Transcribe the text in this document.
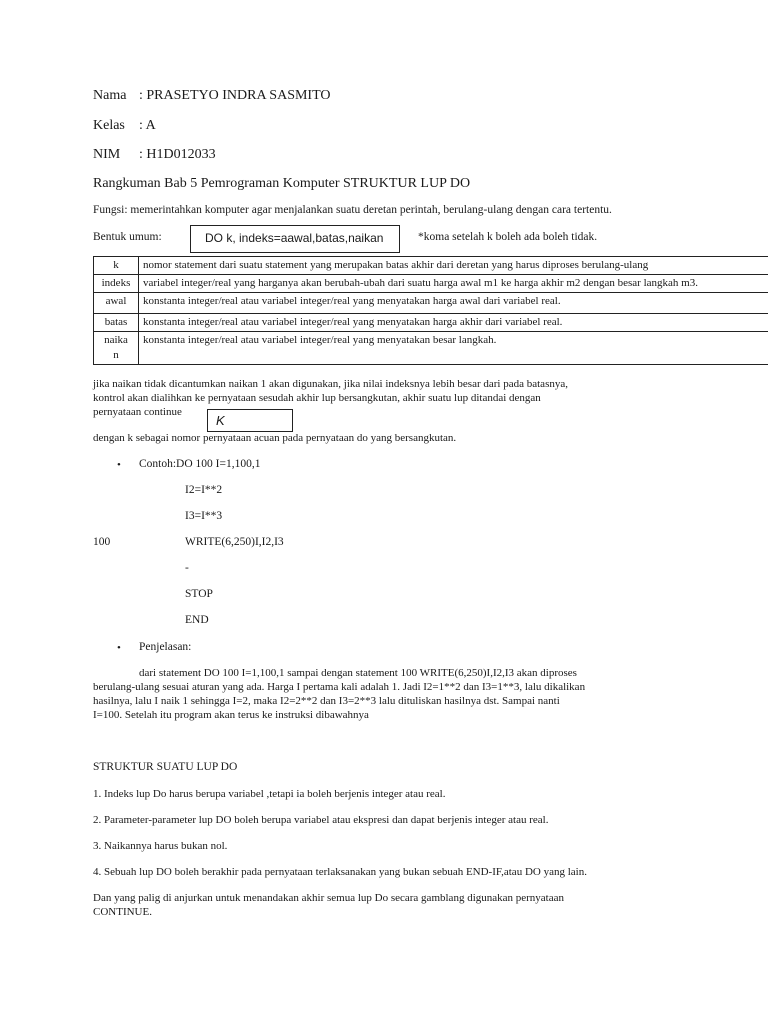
Nama : PRASETYO INDRA SASMITO
Kelas : A
NIM : H1D012033
Rangkuman Bab 5 Pemrograman Komputer STRUKTUR LUP DO
Fungsi: memerintahkan komputer agar menjalankan suatu deretan perintah, berulang-ulang dengan cara tertentu.
Bentuk umum:	DO k, indeks=aawal,batas,naikan	*koma setelah k boleh ada boleh tidak.
k	nomor statement dari suatu statement yang merupakan batas akhir dari deretan yang harus diproses berulang-ulang
indeks	variabel integer/real yang harganya akan berubah-ubah dari suatu harga awal m1 ke harga akhir m2 dengan besar langkah m3.
awal	konstanta integer/real atau variabel integer/real yang menyatakan harga awal dari variabel real.
batas	konstanta integer/real atau variabel integer/real yang menyatakan harga akhir dari variabel real.
naika n	konstanta integer/real atau variabel integer/real yang menyatakan besar langkah.
jika naikan tidak dicantumkan naikan 1 akan digunakan, jika nilai indeksnya lebih besar dari pada batasnya,
kontrol akan dialihkan ke pernyataan sesudah akhir lup bersangkutan, akhir suatu lup ditandai dengan
pernyataan continue
K
dengan k sebagai nomor pernyataan acuan pada pernyataan do yang bersangkutan.
• Contoh:DO 100 I=1,100,1
I2=I**2
I3=I**3
100	WRITE(6,250)I,I2,I3
-
STOP
END
• Penjelasan:
dari statement DO 100 I=1,100,1 sampai dengan statement 100 WRITE(6,250)I,I2,I3 akan diproses
berulang-ulang sesuai aturan yang ada. Harga I pertama kali adalah 1. Jadi I2=1**2 dan I3=1**3, lalu dikalikan
hasilnya, lalu I naik 1 sehingga I=2, maka I2=2**2 dan I3=2**3 lalu dituliskan hasilnya dst. Sampai nanti
I=100. Setelah itu program akan terus ke instruksi dibawahnya
STRUKTUR SUATU LUP DO
1. Indeks lup Do harus berupa variabel ,tetapi ia boleh berjenis integer atau real.
2. Parameter-parameter lup DO boleh berupa variabel atau ekspresi dan dapat berjenis integer atau real.
3. Naikannya harus bukan nol.
4. Sebuah lup DO boleh berakhir pada pernyataan terlaksanakan yang bukan sebuah END-IF,atau DO yang lain.
Dan yang palig di anjurkan untuk menandakan akhir semua lup Do secara gamblang digunakan pernyataan
CONTINUE.
